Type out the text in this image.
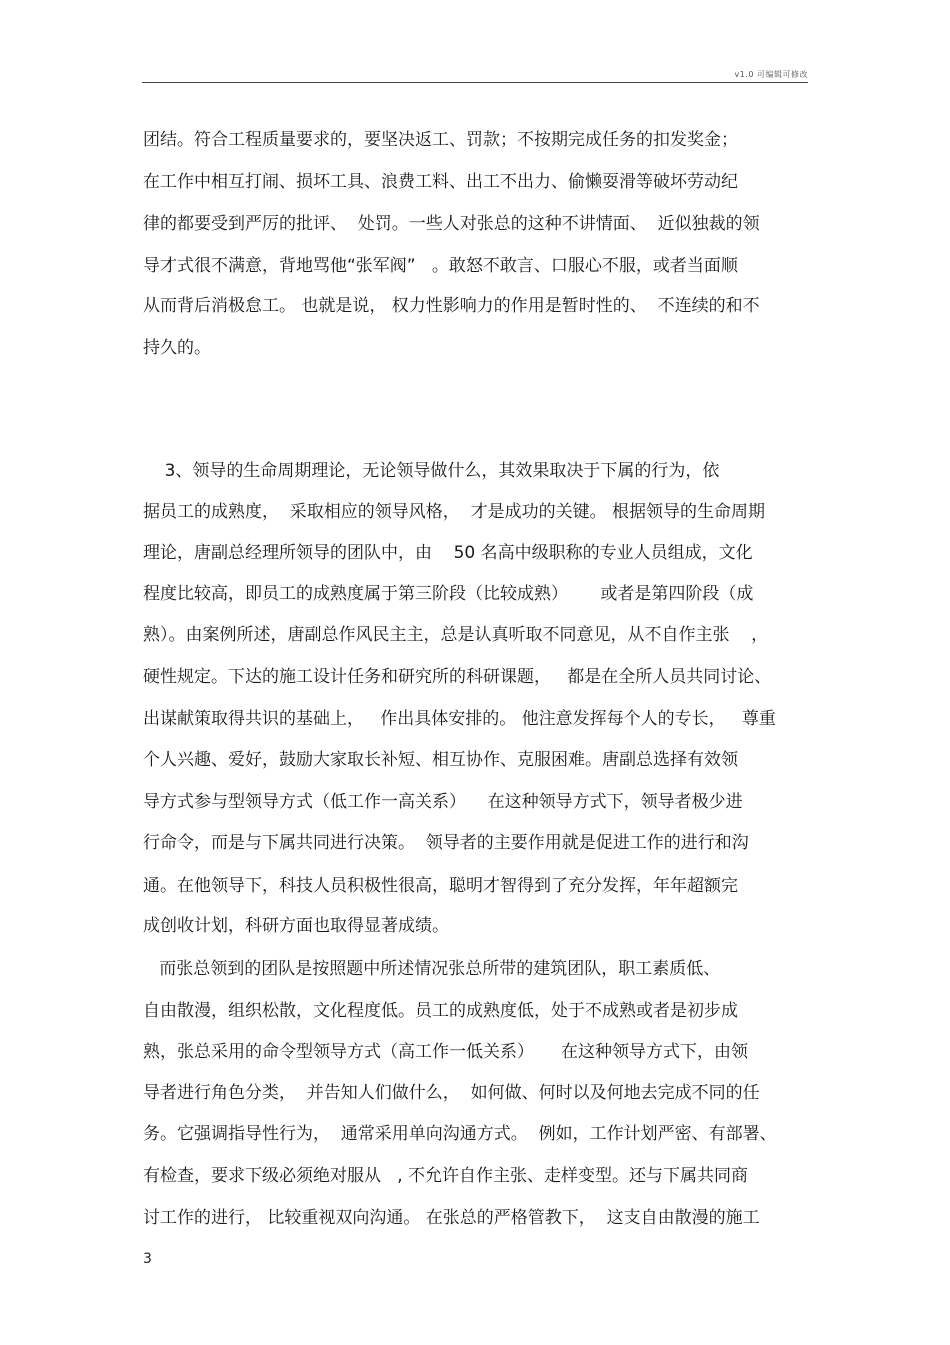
v1.0 可编辑可修改
团结。符合工程质量要求的，要坚决返工、罚款；不按期完成任务的扣发奖金；
在工作中相互打闹、损坏工具、浪费工料、出工不出力、偷懒耍滑等破坏劳动纪
律的都要受到严厉的批评、  处罚。一些人对张总的这种不讲情面、  近似独裁的领
导才式很不满意，背地骂他“张军阀”   。敢怒不敢言、口服心不服，或者当面顺
从而背后消极怠工。 也就是说， 权力性影响力的作用是暂时性的、  不连续的和不
持久的。
3、领导的生命周期理论，无论领导做什么，其效果取决于下属的行为，依
据员工的成熟度，  采取相应的领导风格，  才是成功的关键。 根据领导的生命周期
理论，唐副总经理所领导的团队中，由    50 名高中级职称的专业人员组成，文化
程度比较高，即员工的成熟度属于第三阶段（比较成熟）      或者是第四阶段（成
熟）。由案例所述，唐副总作风民主主，总是认真听取不同意见，从不自作主张    ，
硬性规定。下达的施工设计任务和研究所的科研课题，   都是在全所人员共同讨论、
出谋献策取得共识的基础上，   作出具体安排的。 他注意发挥每个人的专长，   尊重
个人兴趣、爱好，鼓励大家取长补短、相互协作、克服困难。唐副总选择有效领
导方式参与型领导方式（低工作一高关系）    在这种领导方式下，领导者极少进
行命令，而是与下属共同进行决策。  领导者的主要作用就是促进工作的进行和沟
通。在他领导下，科技人员积极性很高，聪明才智得到了充分发挥，年年超额完
成创收计划，科研方面也取得显著成绩。
而张总领到的团队是按照题中所述情况张总所带的建筑团队，职工素质低、
自由散漫，组织松散，文化程度低。员工的成熟度低，处于不成熟或者是初步成
熟，张总采用的命令型领导方式（高工作一低关系）     在这种领导方式下，由领
导者进行角色分类，  并告知人们做什么，  如何做、何时以及何地去完成不同的任
务。它强调指导性行为，  通常采用单向沟通方式。  例如，工作计划严密、有部署、
有检查，要求下级必须绝对服从   , 不允许自作主张、走样变型。还与下属共同商
讨工作的进行， 比较重视双向沟通。 在张总的严格管教下，  这支自由散漫的施工
3
